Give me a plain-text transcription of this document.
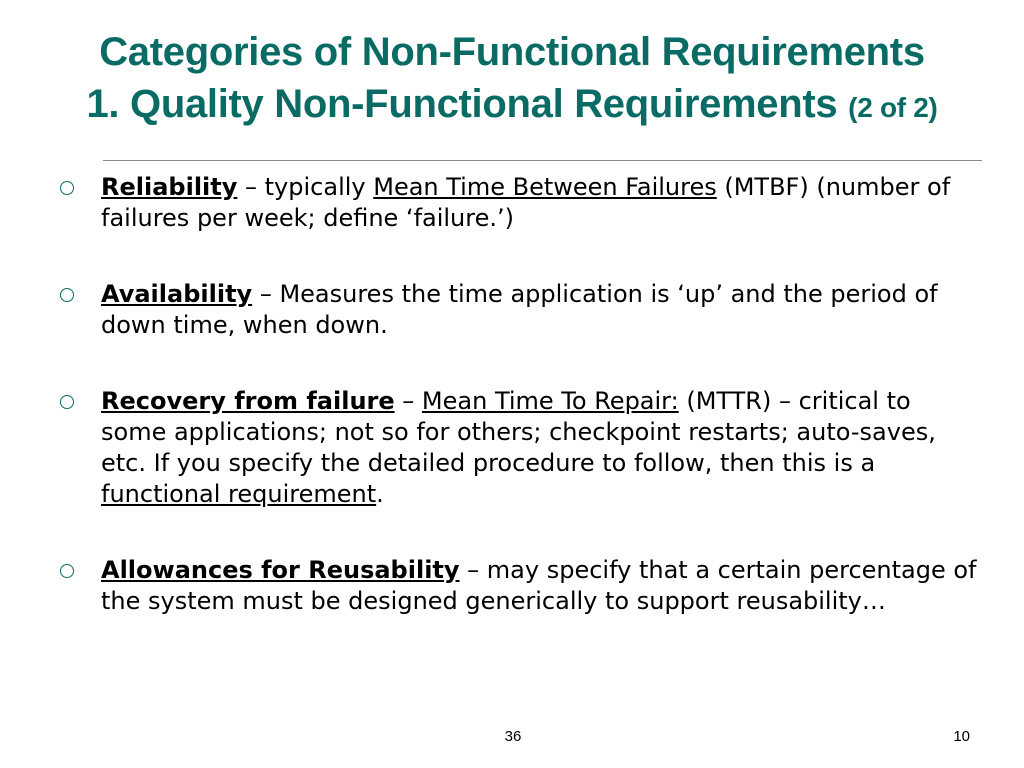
Categories of Non-Functional Requirements
1. Quality Non-Functional Requirements (2 of 2)
Reliability – typically Mean Time Between Failures (MTBF) (number of failures per week; define ‘failure.’)
Availability – Measures the time application is ‘up’ and the period of down time, when down.
Recovery from failure – Mean Time To Repair: (MTTR) – critical to some applications; not so for others; checkpoint restarts; auto-saves, etc. If you specify the detailed procedure to follow, then this is a functional requirement.
Allowances for Reusability – may specify that a certain percentage of the system must be designed generically to support reusability…
36	10
